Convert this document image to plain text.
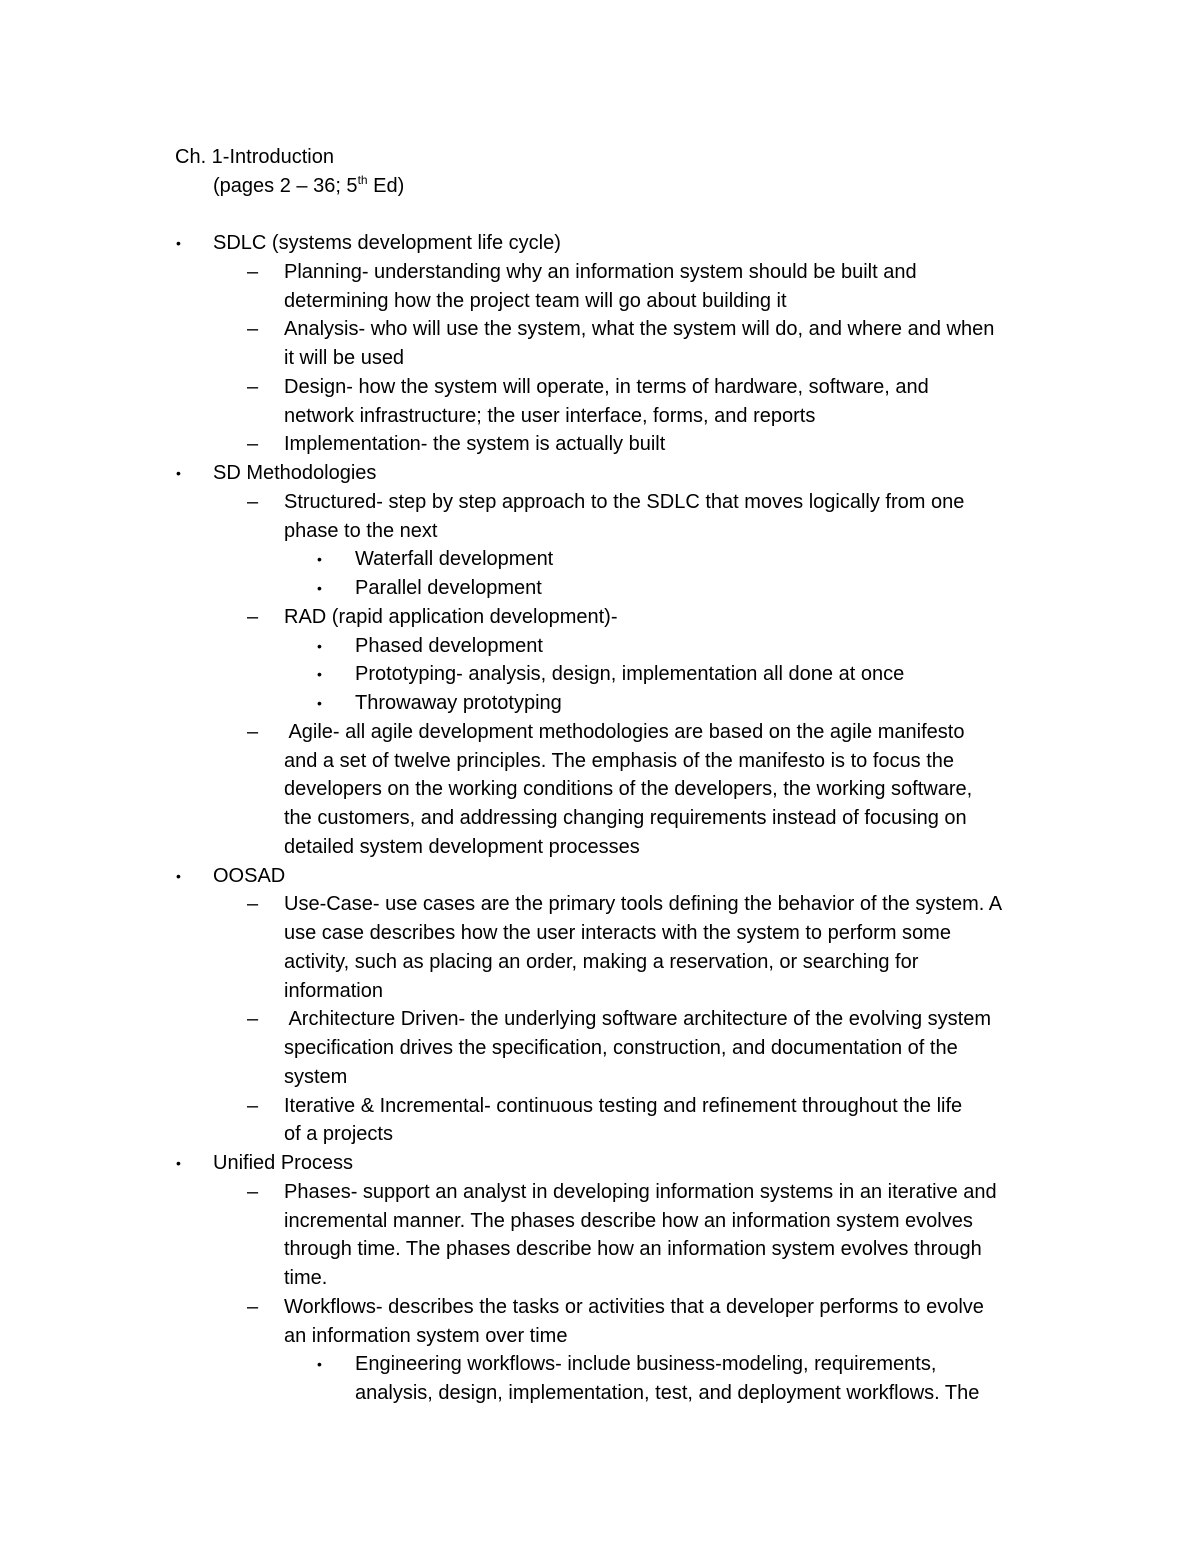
Ch. 1-Introduction
(pages 2 – 36; 5th Ed)
• SDLC (systems development life cycle)
– Planning- understanding why an information system should be built and
determining how the project team will go about building it
– Analysis- who will use the system, what the system will do, and where and when
it will be used
– Design- how the system will operate, in terms of hardware, software, and
network infrastructure; the user interface, forms, and reports
– Implementation- the system is actually built
• SD Methodologies
– Structured- step by step approach to the SDLC that moves logically from one
phase to the next
• Waterfall development
• Parallel development
– RAD (rapid application development)-
• Phased development
• Prototyping- analysis, design, implementation all done at once
• Throwaway prototyping
– Agile- all agile development methodologies are based on the agile manifesto
and a set of twelve principles. The emphasis of the manifesto is to focus the
developers on the working conditions of the developers, the working software,
the customers, and addressing changing requirements instead of focusing on
detailed system development processes
• OOSAD
– Use-Case- use cases are the primary tools defining the behavior of the system. A
use case describes how the user interacts with the system to perform some
activity, such as placing an order, making a reservation, or searching for
information
– Architecture Driven- the underlying software architecture of the evolving system
specification drives the specification, construction, and documentation of the
system
– Iterative & Incremental- continuous testing and refinement throughout the life
of a projects
• Unified Process
– Phases- support an analyst in developing information systems in an iterative and
incremental manner. The phases describe how an information system evolves
through time. The phases describe how an information system evolves through
time.
– Workflows- describes the tasks or activities that a developer performs to evolve
an information system over time
• Engineering workflows- include business-modeling, requirements,
analysis, design, implementation, test, and deployment workflows. The
